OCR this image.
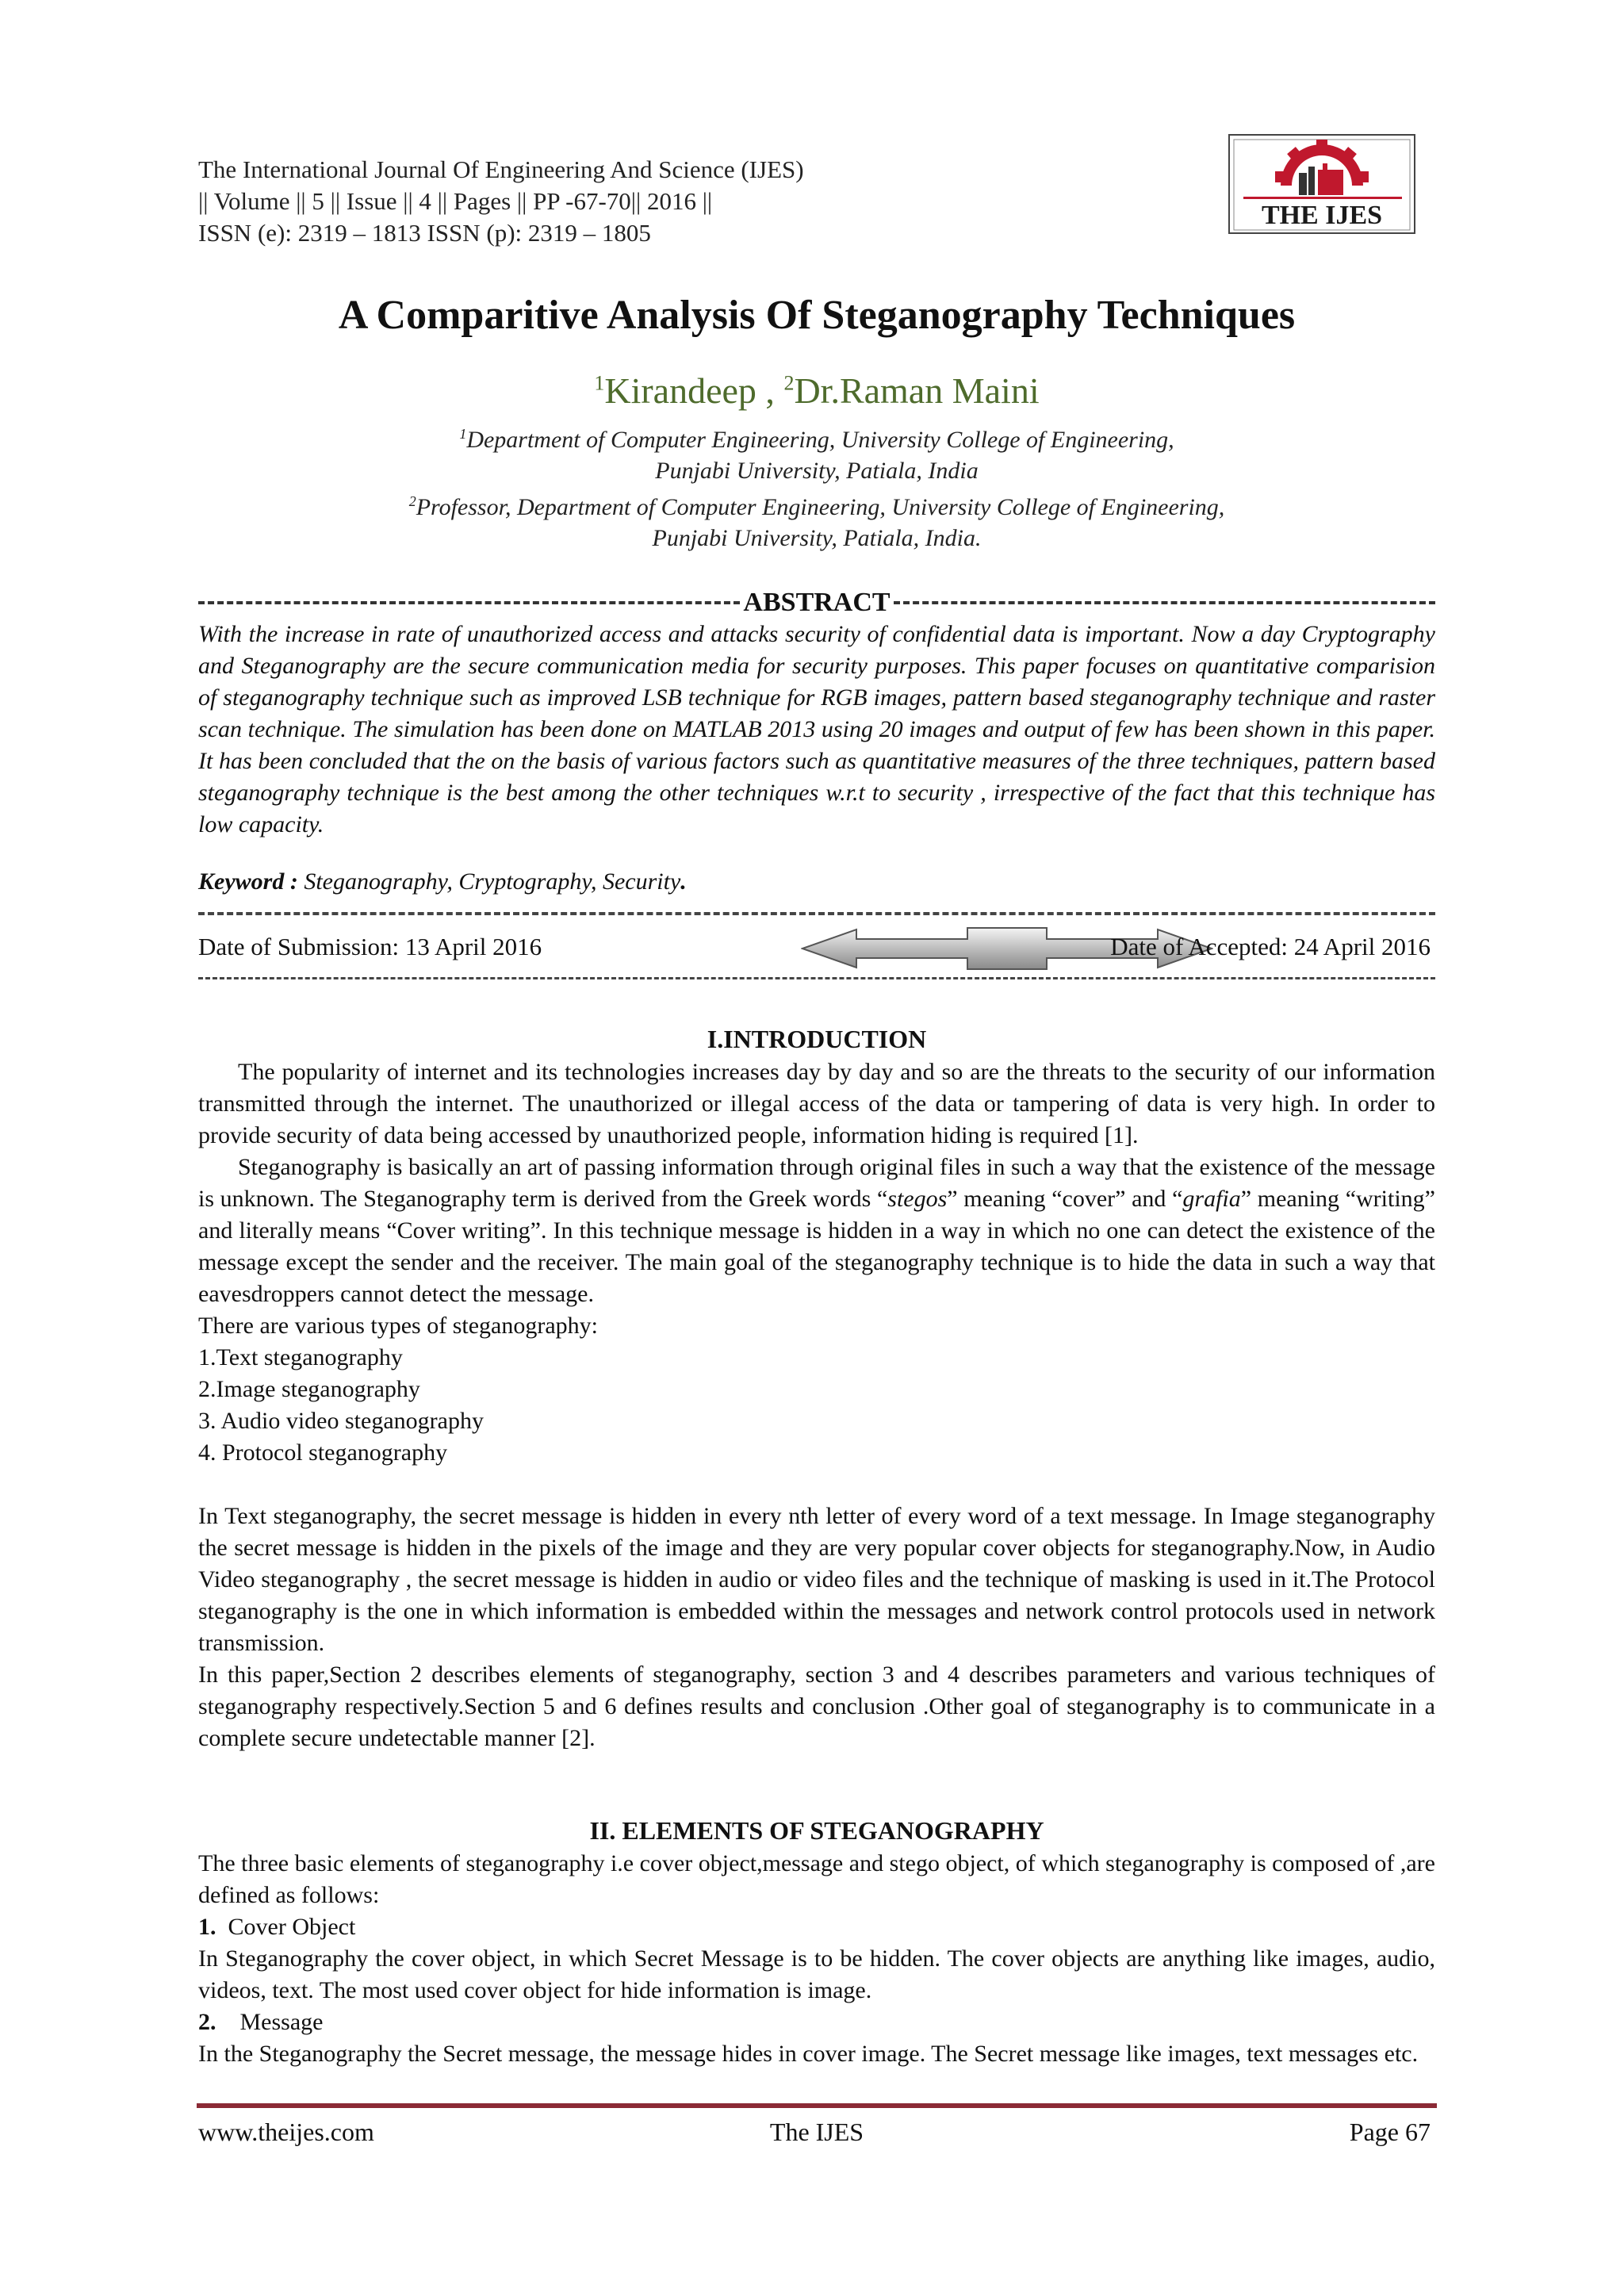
The International Journal Of Engineering And Science (IJES)
|| Volume || 5 || Issue || 4 || Pages || PP -67-70|| 2016 ||
ISSN (e): 2319 – 1813 ISSN (p): 2319 – 1805
THE IJES
A Comparitive Analysis Of Steganography Techniques
$^1$Kirandeep , $^2$Dr.Raman Maini
$^1$Department of Computer Engineering, University College of Engineering,
Punjabi University, Patiala, India
$^2$Professor, Department of Computer Engineering, University College of Engineering,
Punjabi University, Patiala, India.
ABSTRACT
With the increase in rate of unauthorized access and attacks security of confidential data is important. Now a day Cryptography and Steganography are the secure communication media for security purposes. This paper focuses on quantitative comparision of steganography technique such as improved LSB technique for RGB images, pattern based steganography technique and raster scan technique. The simulation has been done on MATLAB 2013 using 20 images and output of few has been shown in this paper. It has been concluded that the on the basis of various factors such as quantitative measures of the three techniques, pattern based steganography technique is the best among the other techniques w.r.t to security , irrespective of the fact that this technique has low capacity.
Keyword : Steganography, Cryptography, Security.
Date of Submission: 13 April 2016	Date of Accepted: 24 April 2016
I.INTRODUCTION

The popularity of internet and its technologies increases day by day and so are the threats to the security of our information transmitted through the internet. The unauthorized or illegal access of the data or tampering of data is very high. In order to provide security of data being accessed by unauthorized people, information hiding is required [1].

Steganography is basically an art of passing information through original files in such a way that the existence of the message is unknown. The Steganography term is derived from the Greek words “stegos” meaning “cover” and “grafia” meaning “writing” and literally means “Cover writing”. In this technique message is hidden in a way in which no one can detect the existence of the message except the sender and the receiver. The main goal of the steganography technique is to hide the data in such a way that eavesdroppers cannot detect the message.

There are various types of steganography:

1.Text steganography
2.Image steganography
3. Audio video steganography
4. Protocol steganography

In Text steganography, the secret message is hidden in every nth letter of every word of a text message. In Image steganography the secret message is hidden in the pixels of the image and they are very popular cover objects for steganography.Now, in Audio Video steganography , the secret message is hidden in audio or video files and the technique of masking is used in it.The Protocol steganography is the one in which information is embedded within the messages and network control protocols used in network transmission.

In this paper,Section 2 describes elements of steganography, section 3 and 4 describes parameters and various techniques of steganography respectively.Section 5 and 6 defines results and conclusion .Other goal of steganography is to communicate in a complete secure undetectable manner [2].

II. ELEMENTS OF STEGANOGRAPHY

The three basic elements of steganography i.e cover object,message and stego object, of which steganography is composed of ,are defined as follows:

1.  Cover Object

In Steganography the cover object, in which Secret Message is to be hidden. The cover objects are anything like images, audio, videos, text. The most used cover object for hide information is image.

2.    Message

In the Steganography the Secret message, the message hides in cover image. The Secret message like images, text messages etc.

www.theijes.com	The IJES	Page 67
